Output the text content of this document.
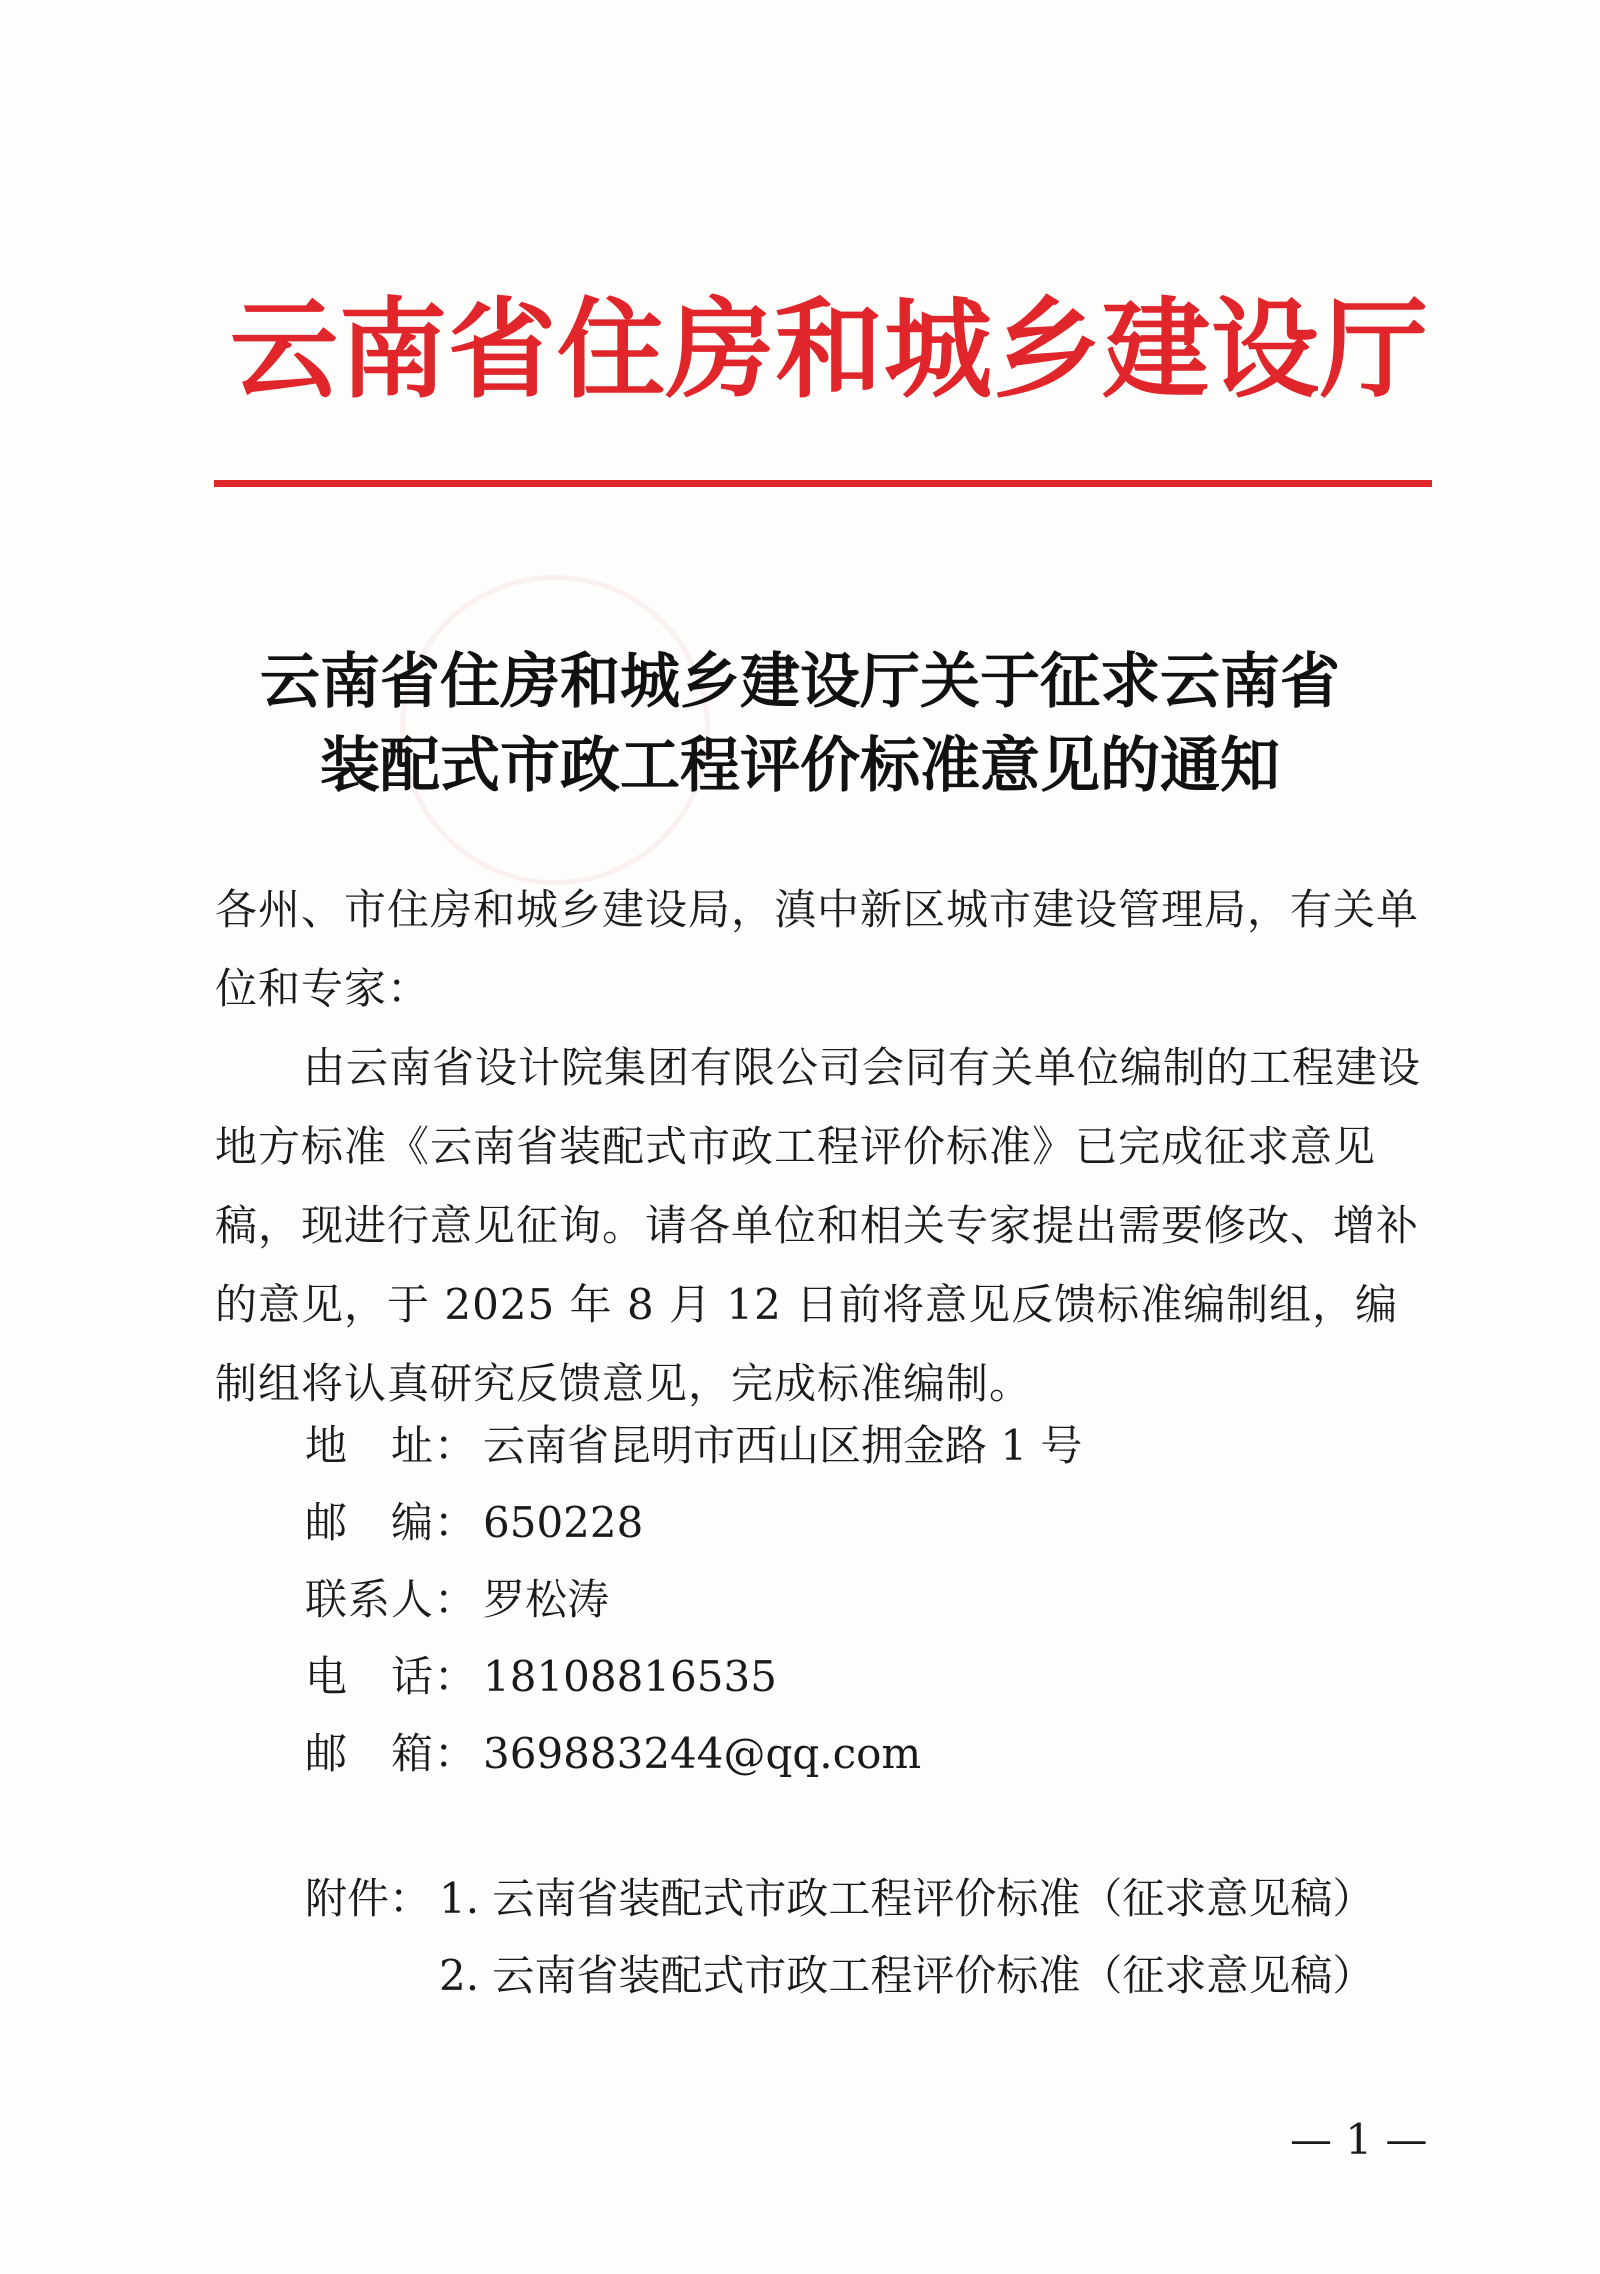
云南省住房和城乡建设厅
云南省住房和城乡建设厅关于征求云南省
装配式市政工程评价标准意见的通知

各州、市住房和城乡建设局，滇中新区城市建设管理局，有关单位和专家：

由云南省设计院集团有限公司会同有关单位编制的工程建设地方标准《云南省装配式市政工程评价标准》已完成征求意见稿，现进行意见征询。请各单位和相关专家提出需要修改、增补的意见，于 2025 年 8 月 12 日前将意见反馈标准编制组，编制组将认真研究反馈意见，完成标准编制。

地　址： 云南省昆明市西山区拥金路 1 号
邮　编： 650228
联系人： 罗松涛
电　话： 18108816535
邮　箱： 369883244@qq.com
附件： 1. 云南省装配式市政工程评价标准（征求意见稿）
2. 云南省装配式市政工程评价标准（征求意见稿）
— 1 —
